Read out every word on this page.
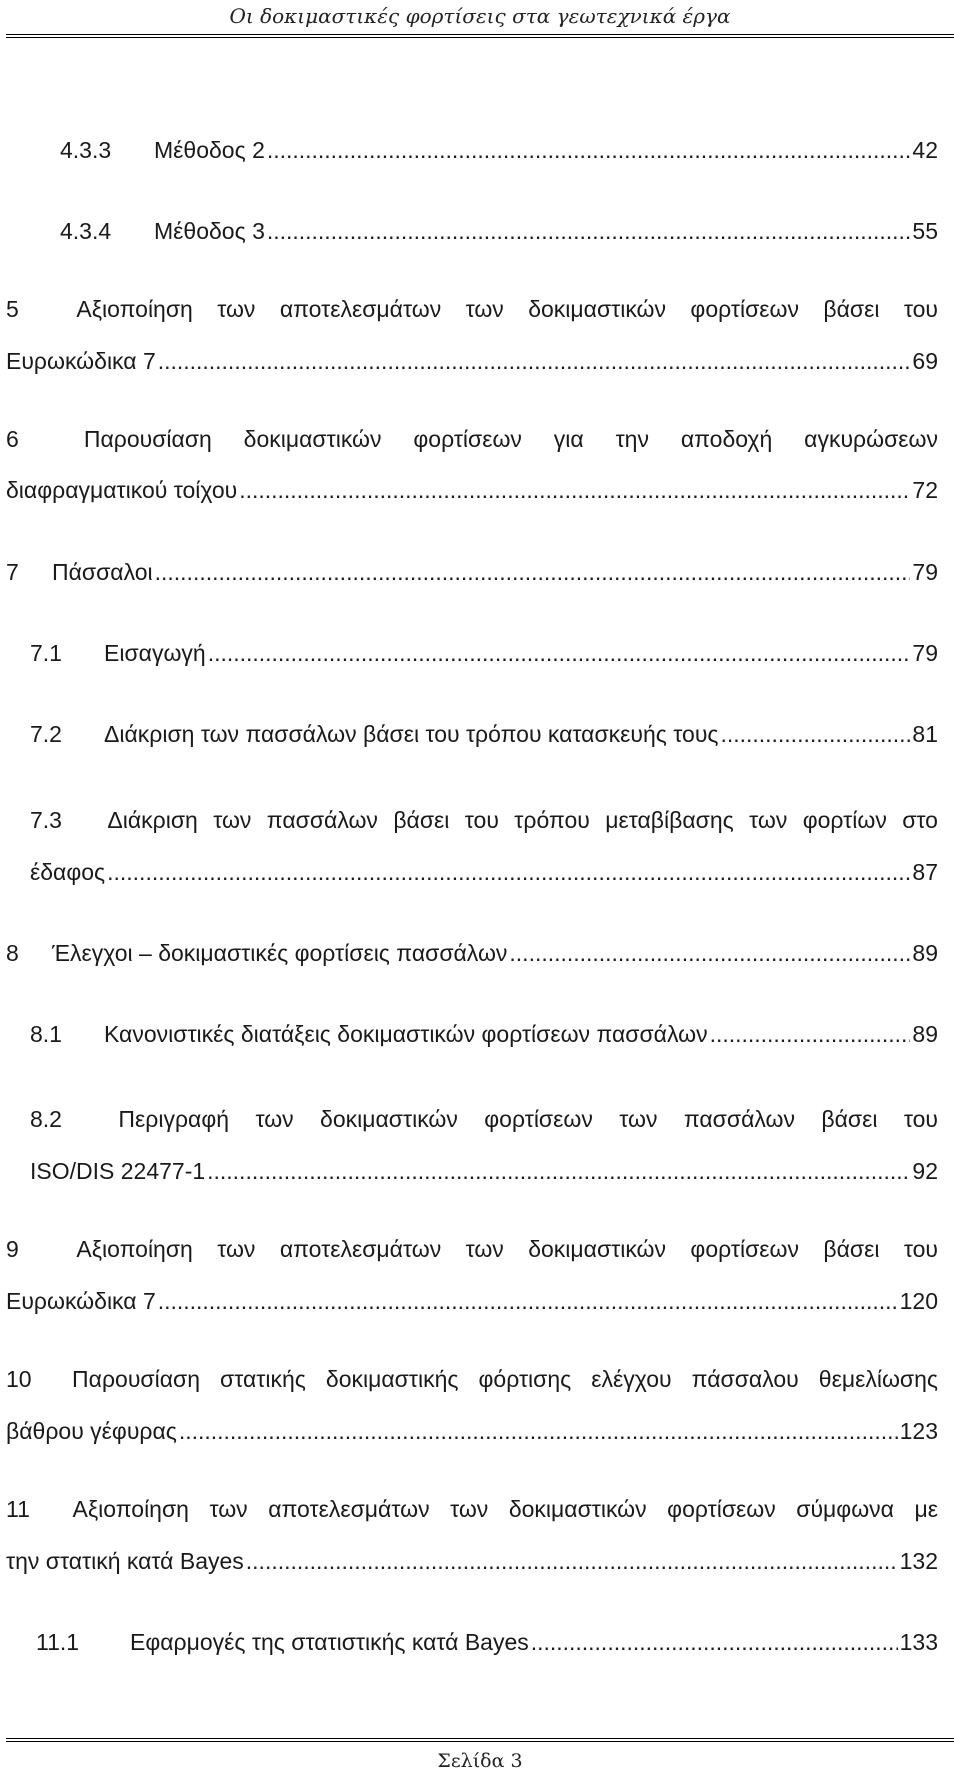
Οι δοκιμαστικές φορτίσεις στα γεωτεχνικά έργα
4.3.3	Μέθοδος 2 . . .	42
4.3.4	Μέθοδος 3 . . .	55
5	Αξιοποίηση των αποτελεσμάτων των δοκιμαστικών φορτίσεων βάσει του
Ευρωκώδικα 7 . . .	69
6	Παρουσίαση δοκιμαστικών φορτίσεων για την αποδοχή αγκυρώσεων
διαφραγματικού τοίχου . . .	72
7	Πάσσαλοι . . .	79
7.1	Εισαγωγή . . .	79
7.2	Διάκριση των πασσάλων βάσει του τρόπου κατασκευής τους . . .	81
7.3	Διάκριση των πασσάλων βάσει του τρόπου μεταβίβασης των φορτίων στο
έδαφος . . .	87
8	Έλεγχοι – δοκιμαστικές φορτίσεις πασσάλων . . .	89
8.1	Κανονιστικές διατάξεις δοκιμαστικών φορτίσεων πασσάλων . . .	89
8.2	Περιγραφή των δοκιμαστικών φορτίσεων των πασσάλων βάσει του
ISO/DIS 22477-1 . . .	92
9	Αξιοποίηση των αποτελεσμάτων των δοκιμαστικών φορτίσεων βάσει του
Ευρωκώδικα 7 . . .	120
10	Παρουσίαση στατικής δοκιμαστικής φόρτισης ελέγχου πάσσαλου θεμελίωσης
βάθρου γέφυρας . . .	123
11	Αξιοποίηση των αποτελεσμάτων των δοκιμαστικών φορτίσεων σύμφωνα με
την στατική κατά Bayes . . .	132
11.1	Εφαρμογές της στατιστικής κατά Bayes . . .	133
Σελίδα 3
